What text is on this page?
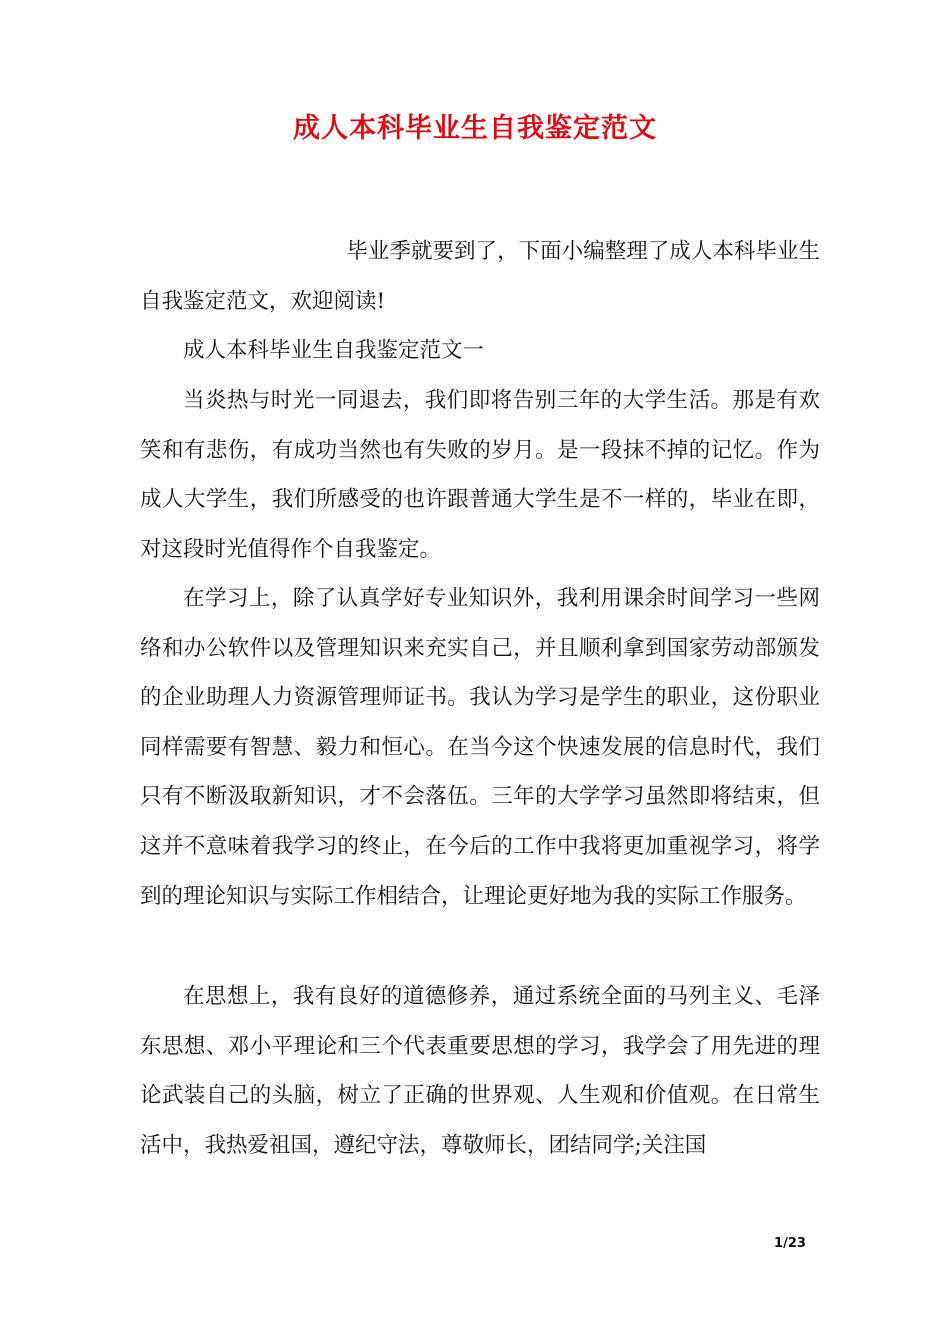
成人本科毕业生自我鉴定范文

毕业季就要到了，下面小编整理了成人本科毕业生自我鉴定范文，欢迎阅读!

成人本科毕业生自我鉴定范文一

当炎热与时光一同退去，我们即将告别三年的大学生活。那是有欢笑和有悲伤，有成功当然也有失败的岁月。是一段抹不掉的记忆。作为成人大学生，我们所感受的也许跟普通大学生是不一样的，毕业在即，对这段时光值得作个自我鉴定。

在学习上，除了认真学好专业知识外，我利用课余时间学习一些网络和办公软件以及管理知识来充实自己，并且顺利拿到国家劳动部颁发的企业助理人力资源管理师证书。我认为学习是学生的职业，这份职业同样需要有智慧、毅力和恒心。在当今这个快速发展的信息时代，我们只有不断汲取新知识，才不会落伍。三年的大学学习虽然即将结束，但这并不意味着我学习的终止，在今后的工作中我将更加重视学习，将学到的理论知识与实际工作相结合，让理论更好地为我的实际工作服务。

在思想上，我有良好的道德修养，通过系统全面的马列主义、毛泽东思想、邓小平理论和三个代表重要思想的学习，我学会了用先进的理论武装自己的头脑，树立了正确的世界观、人生观和价值观。在日常生活中，我热爱祖国，遵纪守法，尊敬师长，团结同学;关注国

1/23
